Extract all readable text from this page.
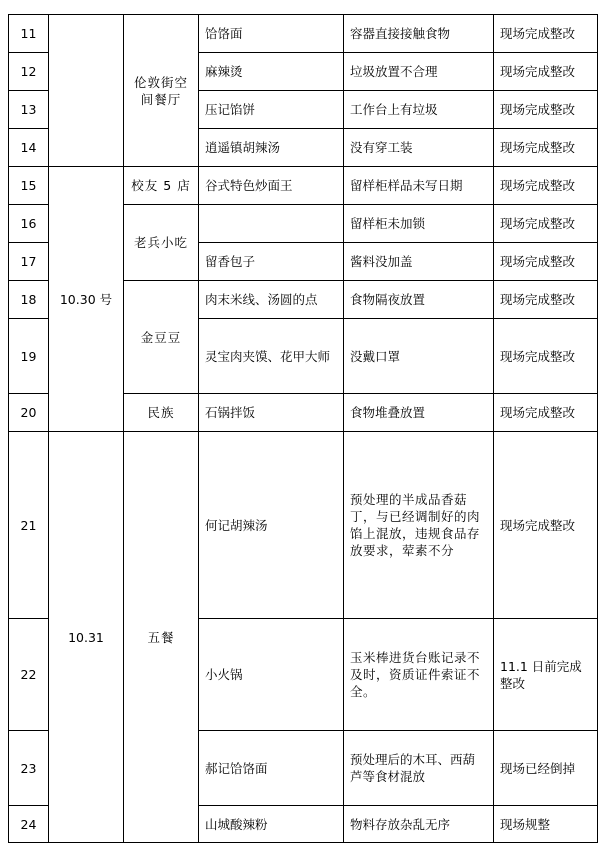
11		伦敦街空间餐厅	饸饹面	容器直接接触食物	现场完成整改
12			麻辣烫	垃圾放置不合理	现场完成整改
13			压记馅饼	工作台上有垃圾	现场完成整改
14			逍遥镇胡辣汤	没有穿工装	现场完成整改
15	10.30 号	校友 5 店	谷式特色炒面王	留样柜样品未写日期	现场完成整改
16		老兵小吃		留样柜未加锁	现场完成整改
17			留香包子	酱料没加盖	现场完成整改
18		金豆豆	肉末米线、汤圆的点	食物隔夜放置	现场完成整改
19			灵宝肉夹馍、花甲大师	没戴口罩	现场完成整改
20		民族	石锅拌饭	食物堆叠放置	现场完成整改
21	10.31	五餐	何记胡辣汤	预处理的半成品香菇丁，与已经调制好的肉馅上混放，违规食品存放要求，荤素不分	现场完成整改
22			小火锅	玉米棒进货台账记录不及时，资质证件索证不全。	11.1 日前完成整改
23			郝记饸饹面	预处理后的木耳、西葫芦等食材混放	现场已经倒掉
24			山城酸辣粉	物料存放杂乱无序	现场规整
